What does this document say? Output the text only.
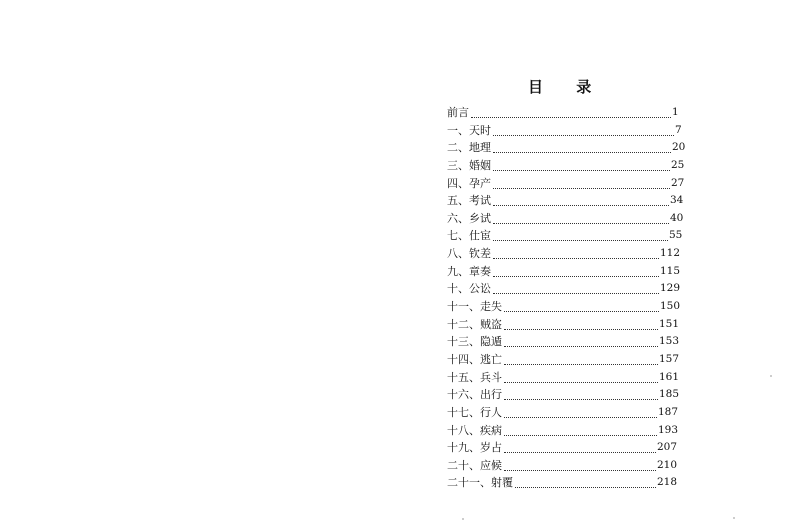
目 录
前言	1
一、天时	7
二、地理	20
三、婚姻	25
四、孕产	27
五、考试	34
六、乡试	40
七、仕宦	55
八、钦差	112
九、章奏	115
十、公讼	129
十一、走失	150
十二、贼盗	151
十三、隐遁	153
十四、逃亡	157
十五、兵斗	161
十六、出行	185
十七、行人	187
十八、疾病	193
十九、岁占	207
二十、应候	210
二十一、射覆	218
